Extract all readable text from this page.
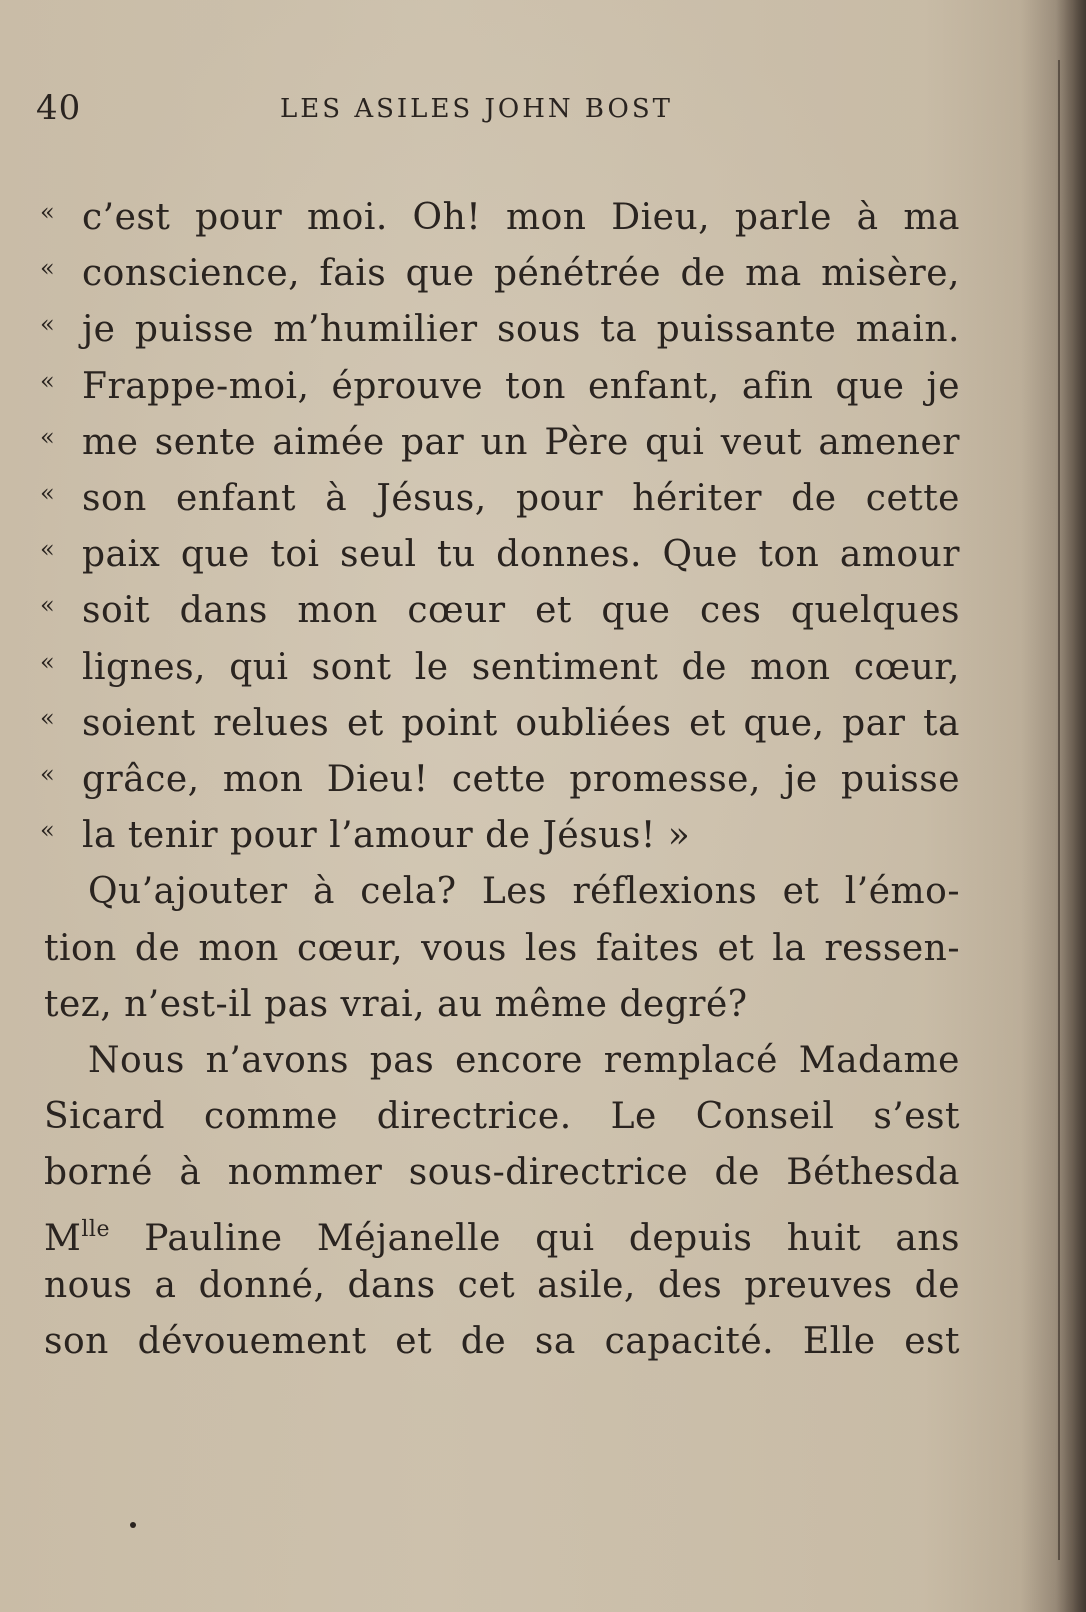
40	LES ASILES JOHN BOST
« c’est pour moi. Oh! mon Dieu, parle à ma
« conscience, fais que pénétrée de ma misère,
« je puisse m’humilier sous ta puissante main.
« Frappe-moi, éprouve ton enfant, afin que je
« me sente aimée par un Père qui veut amener
« son enfant à Jésus, pour hériter de cette
« paix que toi seul tu donnes. Que ton amour
« soit dans mon cœur et que ces quelques
« lignes, qui sont le sentiment de mon cœur,
« soient relues et point oubliées et que, par ta
« grâce, mon Dieu! cette promesse, je puisse
« la tenir pour l’amour de Jésus! »
Qu’ajouter à cela? Les réflexions et l’émo-
tion de mon cœur, vous les faites et la ressen-
tez, n’est-il pas vrai, au même degré?
Nous n’avons pas encore remplacé Madame
Sicard comme directrice. Le Conseil s’est
borné à nommer sous-directrice de Béthesda
$M^{lle}$ Pauline Méjanelle qui depuis huit ans
nous a donné, dans cet asile, des preuves de
son dévouement et de sa capacité. Elle est
